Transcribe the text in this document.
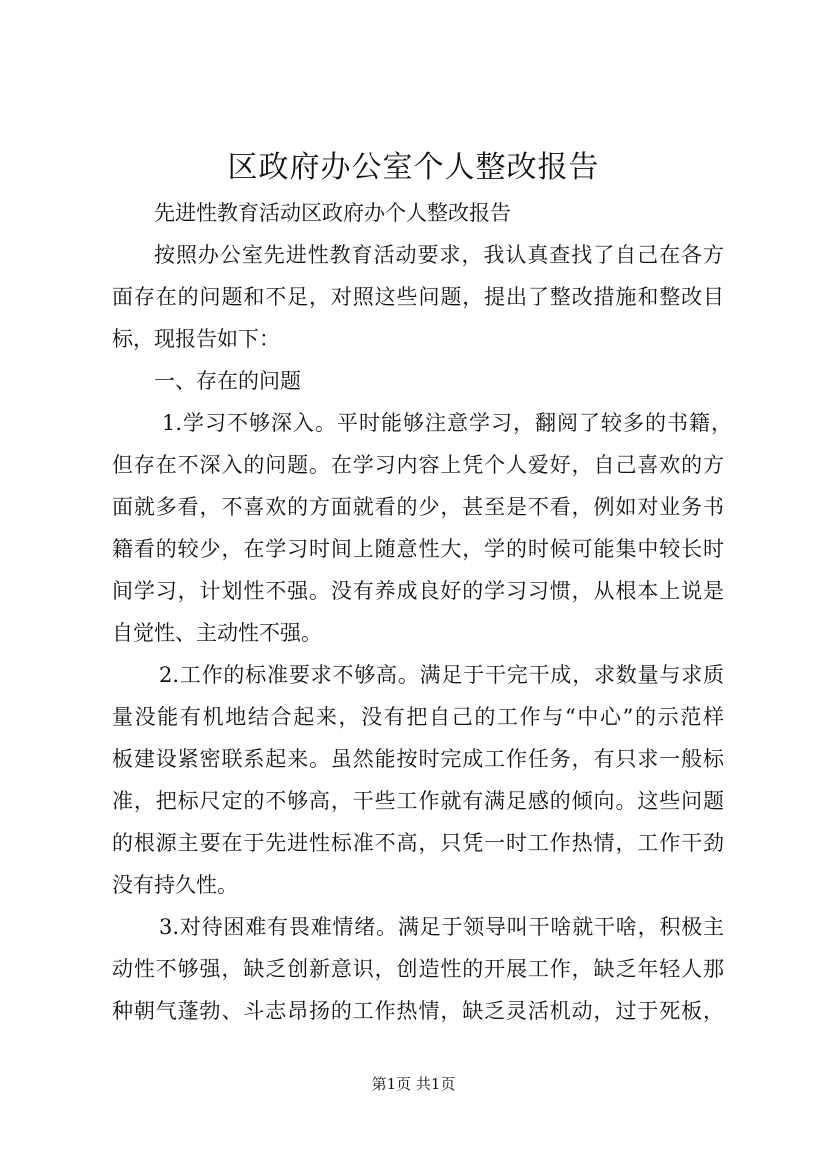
区政府办公室个人整改报告
先进性教育活动区政府办个人整改报告
按照办公室先进性教育活动要求，我认真查找了自己在各方
面存在的问题和不足，对照这些问题，提出了整改措施和整改目
标，现报告如下：
一、存在的问题
1.学习不够深入。平时能够注意学习，翻阅了较多的书籍，
但存在不深入的问题。在学习内容上凭个人爱好，自己喜欢的方
面就多看，不喜欢的方面就看的少，甚至是不看，例如对业务书
籍看的较少，在学习时间上随意性大，学的时候可能集中较长时
间学习，计划性不强。没有养成良好的学习习惯，从根本上说是
自觉性、主动性不强。
2.工作的标准要求不够高。满足于干完干成，求数量与求质
量没能有机地结合起来，没有把自己的工作与“中心”的示范样
板建设紧密联系起来。虽然能按时完成工作任务，有只求一般标
准，把标尺定的不够高，干些工作就有满足感的倾向。这些问题
的根源主要在于先进性标准不高，只凭一时工作热情，工作干劲
没有持久性。
3.对待困难有畏难情绪。满足于领导叫干啥就干啥，积极主
动性不够强，缺乏创新意识，创造性的开展工作，缺乏年轻人那
种朝气蓬勃、斗志昂扬的工作热情，缺乏灵活机动，过于死板，
第1页 共1页
